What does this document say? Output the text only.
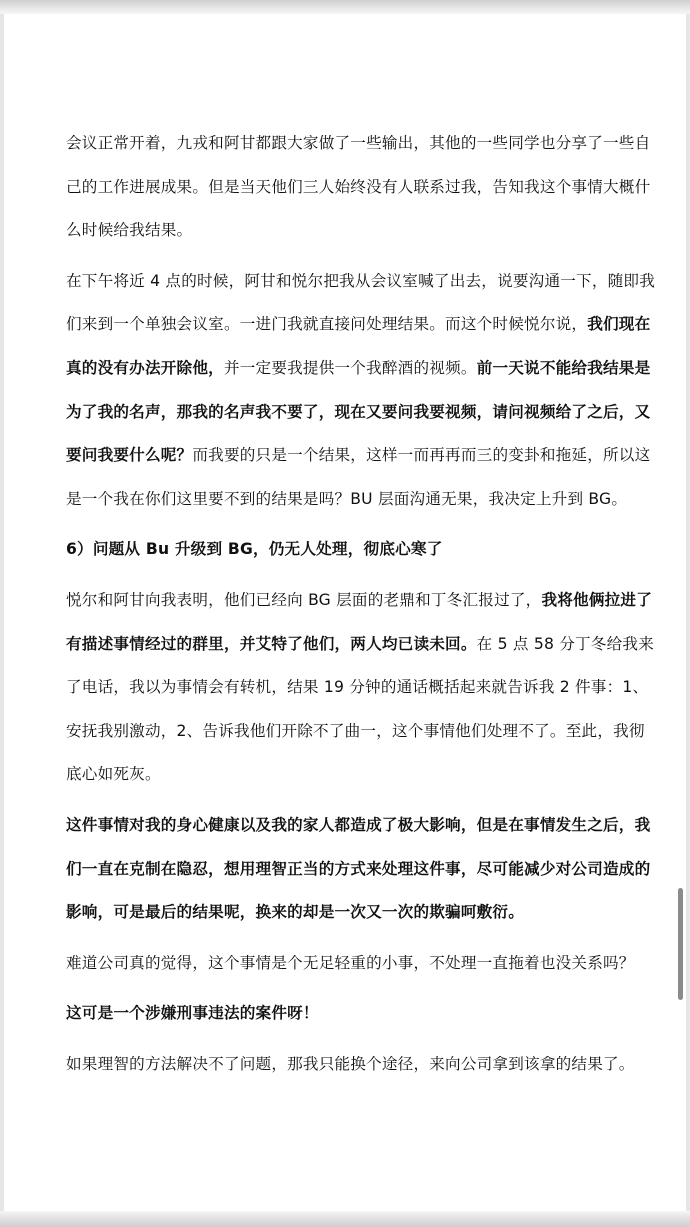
会议正常开着，九戎和阿甘都跟大家做了一些输出，其他的一些同学也分享了一些自己的工作进展成果。但是当天他们三人始终没有人联系过我，告知我这个事情大概什么时候给我结果。

在下午将近 4 点的时候，阿甘和悦尔把我从会议室喊了出去，说要沟通一下，随即我们来到一个单独会议室。一进门我就直接问处理结果。而这个时候悦尔说，我们现在真的没有办法开除他，并一定要我提供一个我醉酒的视频。前一天说不能给我结果是为了我的名声，那我的名声我不要了，现在又要问我要视频，请问视频给了之后，又要问我要什么呢？而我要的只是一个结果，这样一而再再而三的变卦和拖延，所以这是一个我在你们这里要不到的结果是吗？BU 层面沟通无果，我决定上升到 BG。

6）问题从 Bu 升级到 BG，仍无人处理，彻底心寒了

悦尔和阿甘向我表明，他们已经向 BG 层面的老鼎和丁冬汇报过了，我将他俩拉进了有描述事情经过的群里，并艾特了他们，两人均已读未回。在 5 点 58 分丁冬给我来了电话，我以为事情会有转机，结果 19 分钟的通话概括起来就告诉我 2 件事：1、安抚我别激动，2、告诉我他们开除不了曲一，这个事情他们处理不了。至此，我彻底心如死灰。

这件事情对我的身心健康以及我的家人都造成了极大影响，但是在事情发生之后，我们一直在克制在隐忍，想用理智正当的方式来处理这件事，尽可能减少对公司造成的影响，可是最后的结果呢，换来的却是一次又一次的欺骗呵敷衍。

难道公司真的觉得，这个事情是个无足轻重的小事，不处理一直拖着也没关系吗？

这可是一个涉嫌刑事违法的案件呀！

如果理智的方法解决不了问题，那我只能换个途径，来向公司拿到该拿的结果了。
